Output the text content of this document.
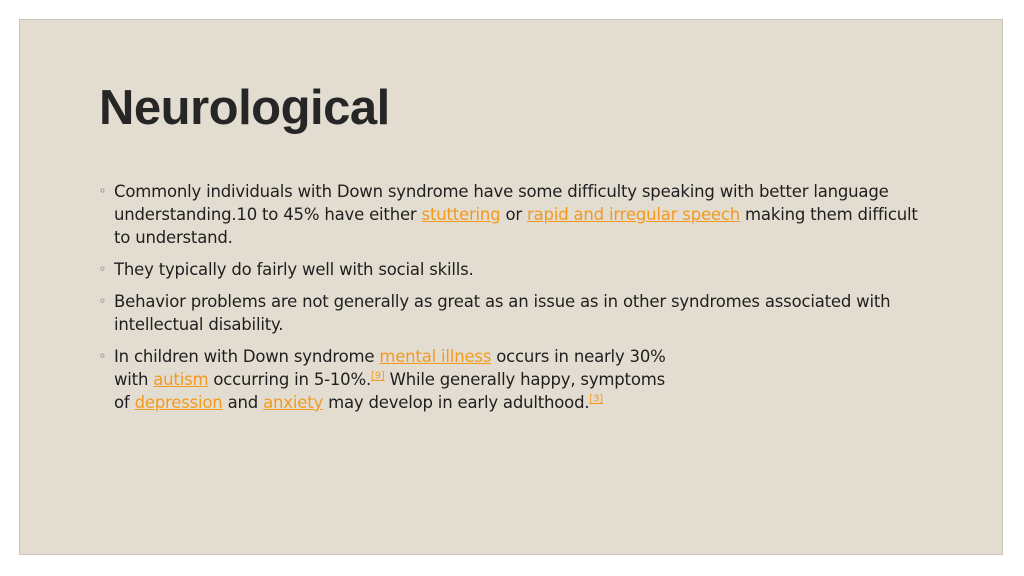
Neurological
◦ Commonly individuals with Down syndrome have some difficulty speaking with better language understanding.10 to 45% have either stuttering or rapid and irregular speech making them difficult to understand.
◦ They typically do fairly well with social skills.
◦ Behavior problems are not generally as great as an issue as in other syndromes associated with intellectual disability.
◦ In children with Down syndrome mental illness occurs in nearly 30%
with autism occurring in 5-10%.[9] While generally happy, symptoms
of depression and anxiety may develop in early adulthood.[3]
